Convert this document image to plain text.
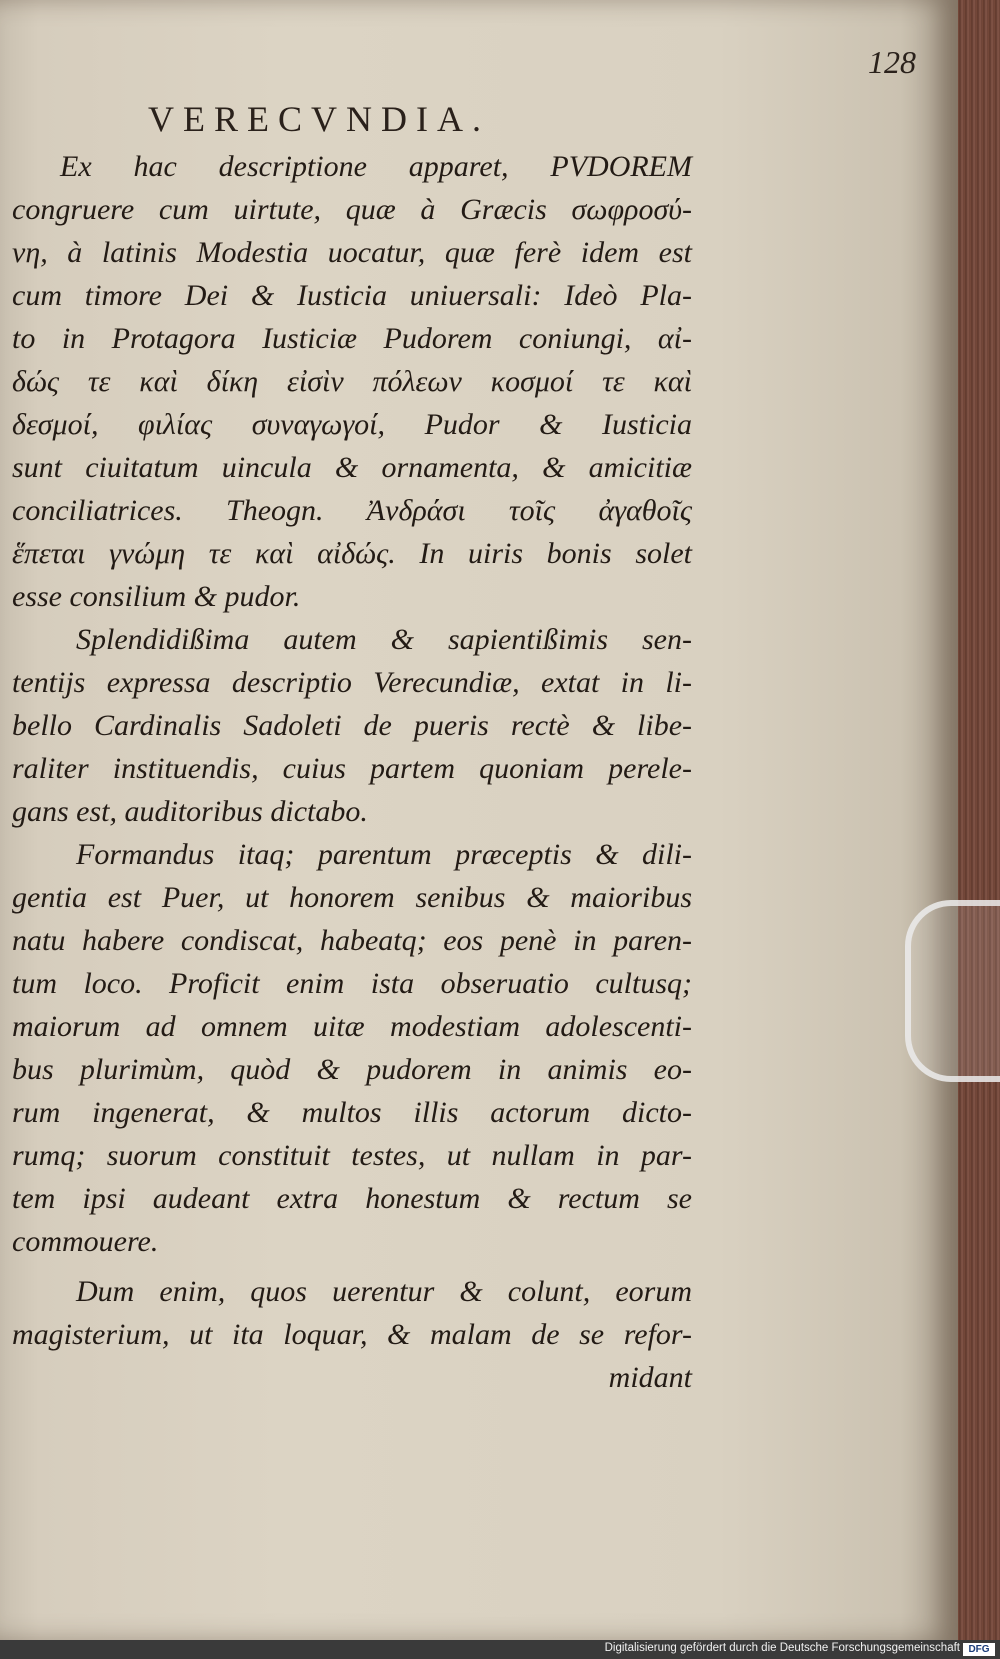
128
VERECVNDIA.
Ex hac descriptione apparet, PVDOREM
congruere cum uirtute, quæ à Græcis σωφροσύ-
νη, à latinis Modestia uocatur, quæ ferè idem est
cum timore Dei & Iusticia uniuersali: Ideò Pla-
to in Protagora Iusticiæ Pudorem coniungi, αἰ-
δώς τε καὶ δίκη εἰσὶν πόλεων κοσμοί τε καὶ
δεσμοί, φιλίας συναγωγοί, Pudor & Iusticia
sunt ciuitatum uincula & ornamenta, & amicitiæ
conciliatrices. Theogn. Ἀνδράσι τοῖς ἀγαθοῖς
ἕπεται γνώμη τε καὶ αἰδώς. In uiris bonis solet
esse consilium & pudor.
Splendidißima autem & sapientißimis sen-
tentijs expressa descriptio Verecundiæ, extat in li-
bello Cardinalis Sadoleti de pueris rectè & libe-
raliter instituendis, cuius partem quoniam perele-
gans est, auditoribus dictabo.
Formandus itaq; parentum præceptis & dili-
gentia est Puer, ut honorem senibus & maioribus
natu habere condiscat, habeatq; eos penè in paren-
tum loco. Proficit enim ista obseruatio cultusq;
maiorum ad omnem uitæ modestiam adolescenti-
bus plurimùm, quòd & pudorem in animis eo-
rum ingenerat, & multos illis actorum dicto-
rumq; suorum constituit testes, ut nullam in par-
tem ipsi audeant extra honestum & rectum se
commouere.
Dum enim, quos uerentur & colunt, eorum
magisterium, ut ita loquar, & malam de se refor-
midant
Digitalisierung gefördert durch die Deutsche Forschungsgemeinschaft DFG
